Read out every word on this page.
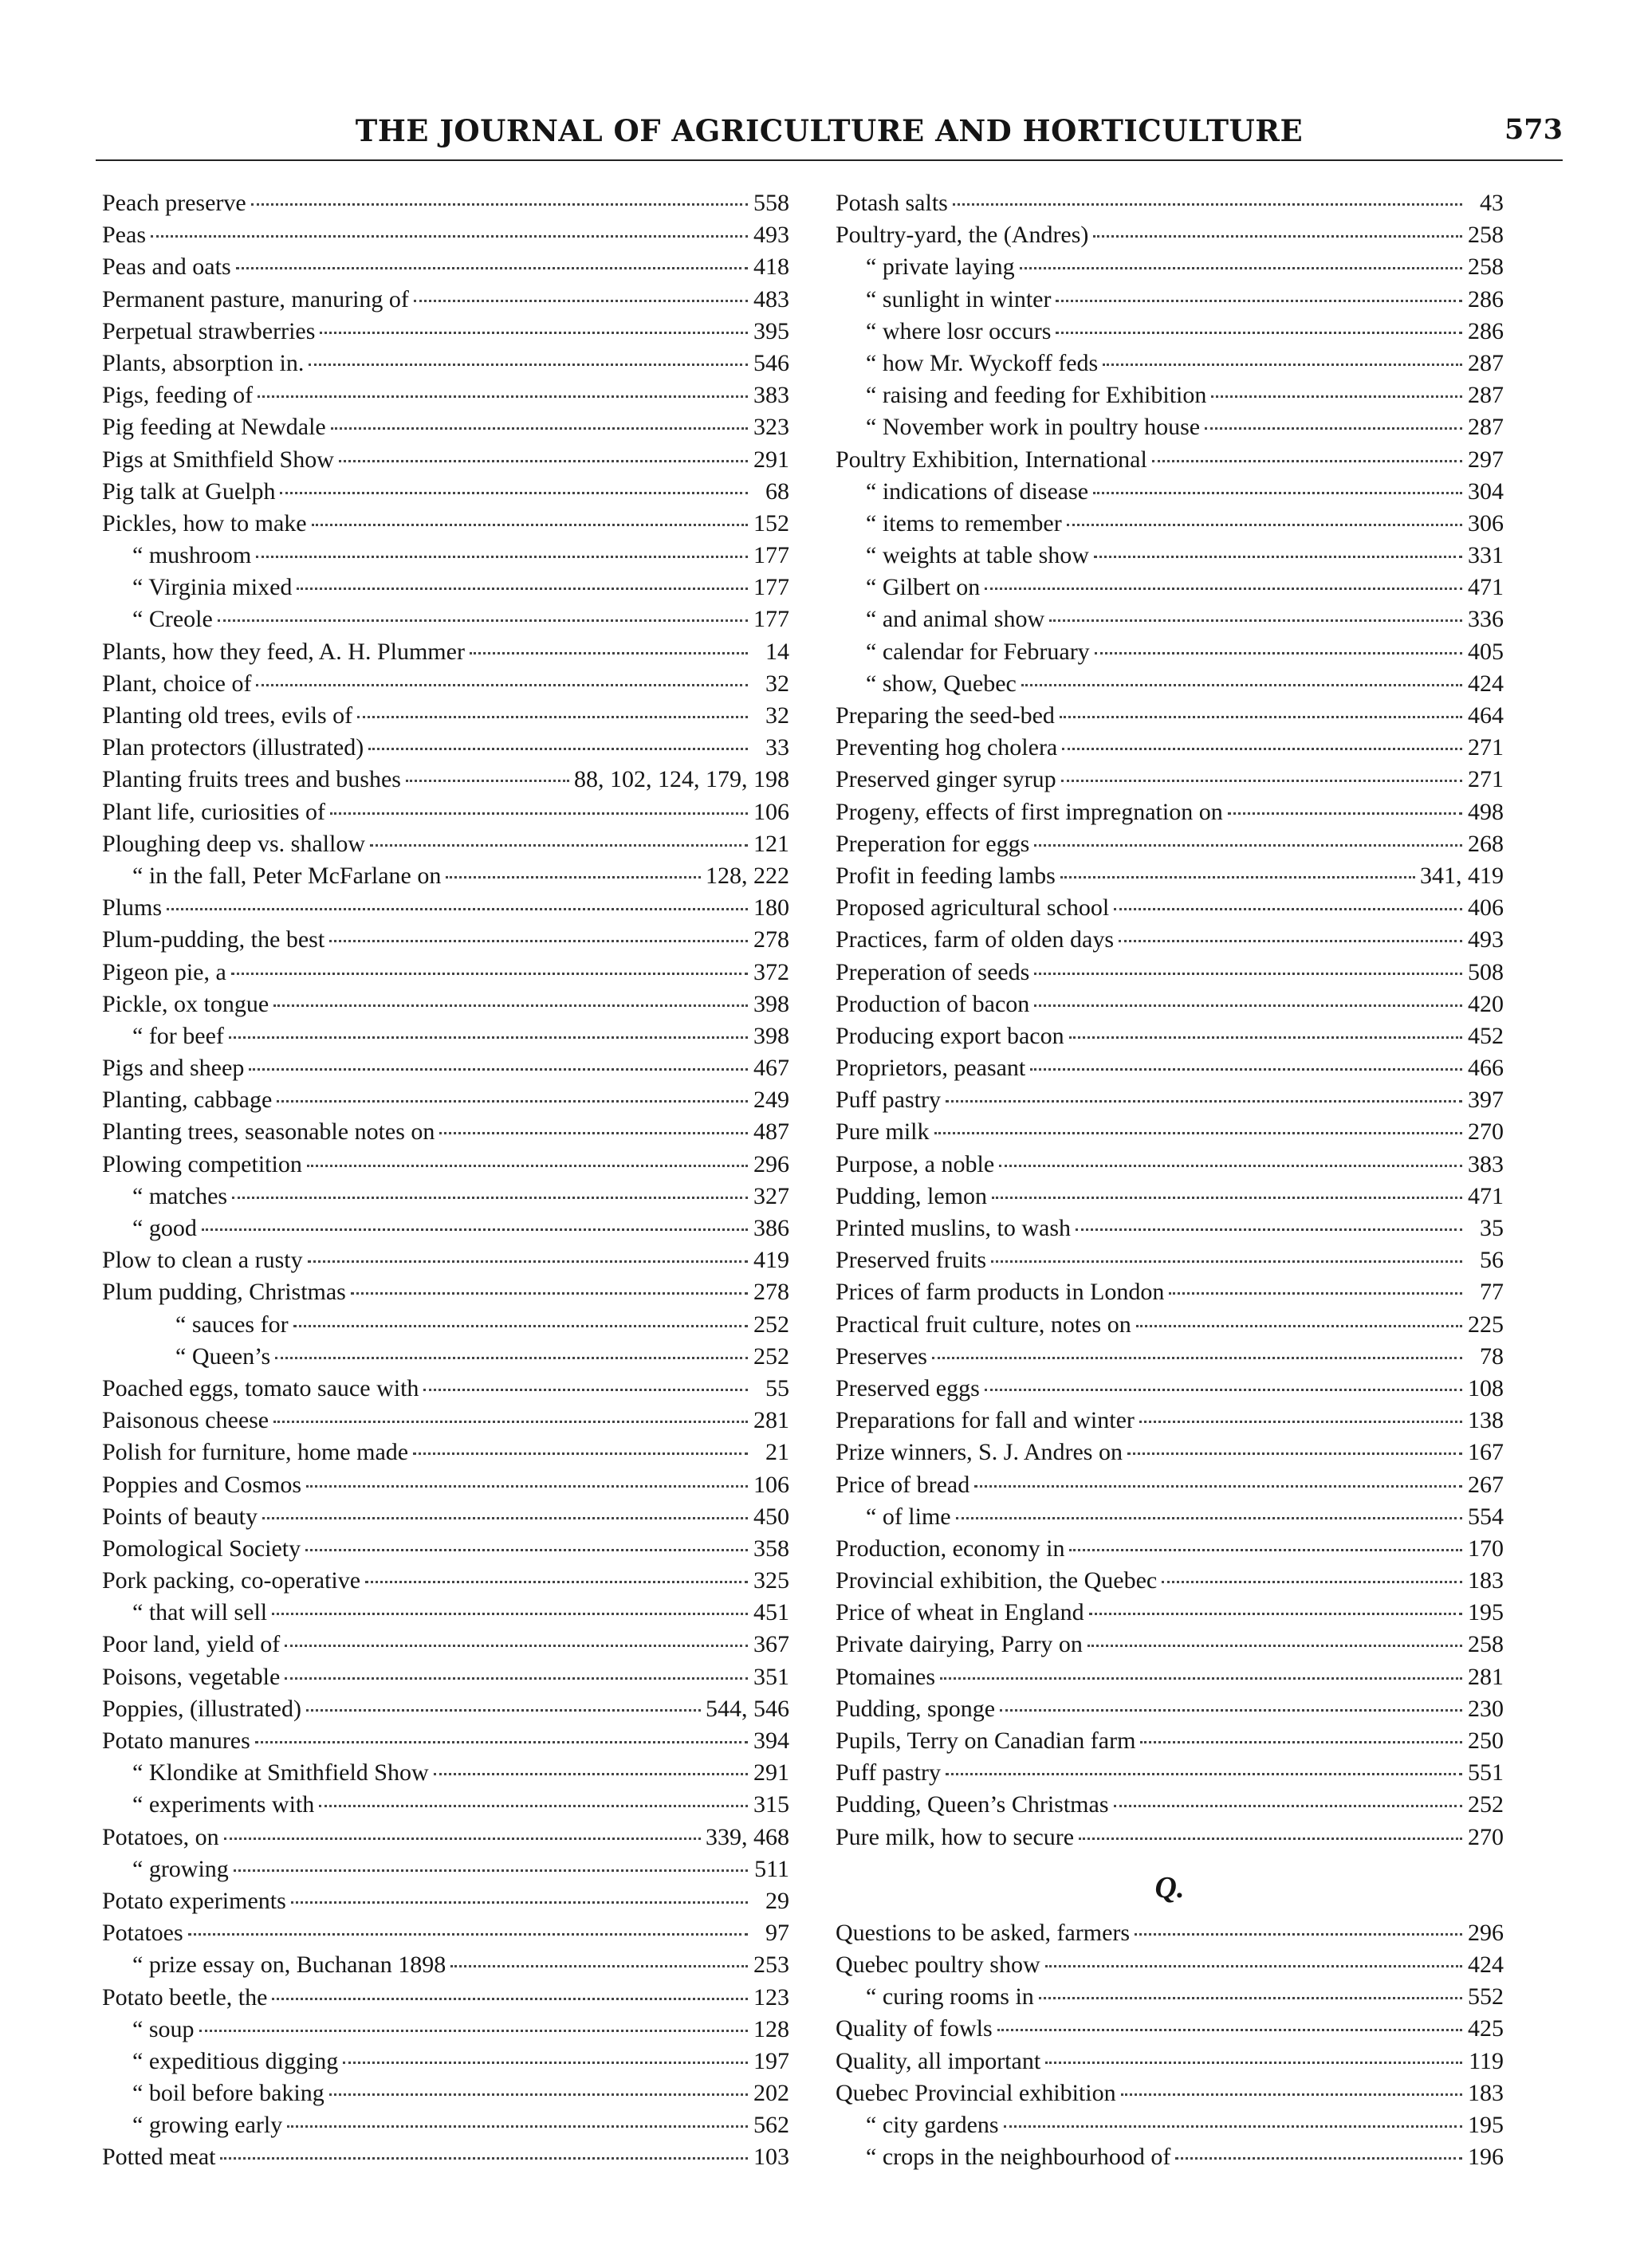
THE JOURNAL OF AGRICULTURE AND HORTICULTURE	573
Peach preserve	558
Peas	493
Peas and oats	418
Permanent pasture, manuring of	483
Perpetual strawberries	395
Plants, absorption in.	546
Pigs, feeding of	383
Pig feeding at Newdale	323
Pigs at Smithfield Show	291
Pig talk at Guelph	68
Pickles, how to make	152
“ mushroom	177
“ Virginia mixed	177
“ Creole	177
Plants, how they feed, A. H. Plummer	14
Plant, choice of	32
Planting old trees, evils of	32
Plan protectors (illustrated)	33
Planting fruits trees and bushes	88, 102, 124, 179, 198
Plant life, curiosities of	106
Ploughing deep vs. shallow	121
“ in the fall, Peter McFarlane on	128, 222
Plums	180
Plum-pudding, the best	278
Pigeon pie, a	372
Pickle, ox tongue	398
“ for beef	398
Pigs and sheep	467
Planting, cabbage	249
Planting trees, seasonable notes on	487
Plowing competition	296
“ matches	327
“ good	386
Plow to clean a rusty	419
Plum pudding, Christmas	278
“ sauces for	252
“ Queen’s	252
Poached eggs, tomato sauce with	55
Paisonous cheese	281
Polish for furniture, home made	21
Poppies and Cosmos	106
Points of beauty	450
Pomological Society	358
Pork packing, co-operative	325
“ that will sell	451
Poor land, yield of	367
Poisons, vegetable	351
Poppies, (illustrated)	544, 546
Potato manures	394
“ Klondike at Smithfield Show	291
“ experiments with	315
Potatoes, on	339, 468
“ growing	511
Potato experiments	29
Potatoes	97
“ prize essay on, Buchanan 1898	253
Potato beetle, the	123
“ soup	128
“ expeditious digging	197
“ boil before baking	202
“ growing early	562
Potted meat	103
Potash salts	43
Poultry-yard, the (Andres)	258
“ private laying	258
“ sunlight in winter	286
“ where losr occurs	286
“ how Mr. Wyckoff feds	287
“ raising and feeding for Exhibition	287
“ November work in poultry house	287
Poultry Exhibition, International	297
“ indications of disease	304
“ items to remember	306
“ weights at table show	331
“ Gilbert on	471
“ and animal show	336
“ calendar for February	405
“ show, Quebec	424
Preparing the seed-bed	464
Preventing hog cholera	271
Preserved ginger syrup	271
Progeny, effects of first impregnation on	498
Preperation for eggs	268
Profit in feeding lambs	341, 419
Proposed agricultural school	406
Practices, farm of olden days	493
Preperation of seeds	508
Production of bacon	420
Producing export bacon	452
Proprietors, peasant	466
Puff pastry	397
Pure milk	270
Purpose, a noble	383
Pudding, lemon	471
Printed muslins, to wash	35
Preserved fruits	56
Prices of farm products in London	77
Practical fruit culture, notes on	225
Preserves	78
Preserved eggs	108
Preparations for fall and winter	138
Prize winners, S. J. Andres on	167
Price of bread	267
“ of lime	554
Production, economy in	170
Provincial exhibition, the Quebec	183
Price of wheat in England	195
Private dairying, Parry on	258
Ptomaines	281
Pudding, sponge	230
Pupils, Terry on Canadian farm	250
Puff pastry	551
Pudding, Queen’s Christmas	252
Pure milk, how to secure	270
Q.
Questions to be asked, farmers	296
Quebec poultry show	424
“ curing rooms in	552
Quality of fowls	425
Quality, all important	119
Quebec Provincial exhibition	183
“ city gardens	195
“ crops in the neighbourhood of	196
